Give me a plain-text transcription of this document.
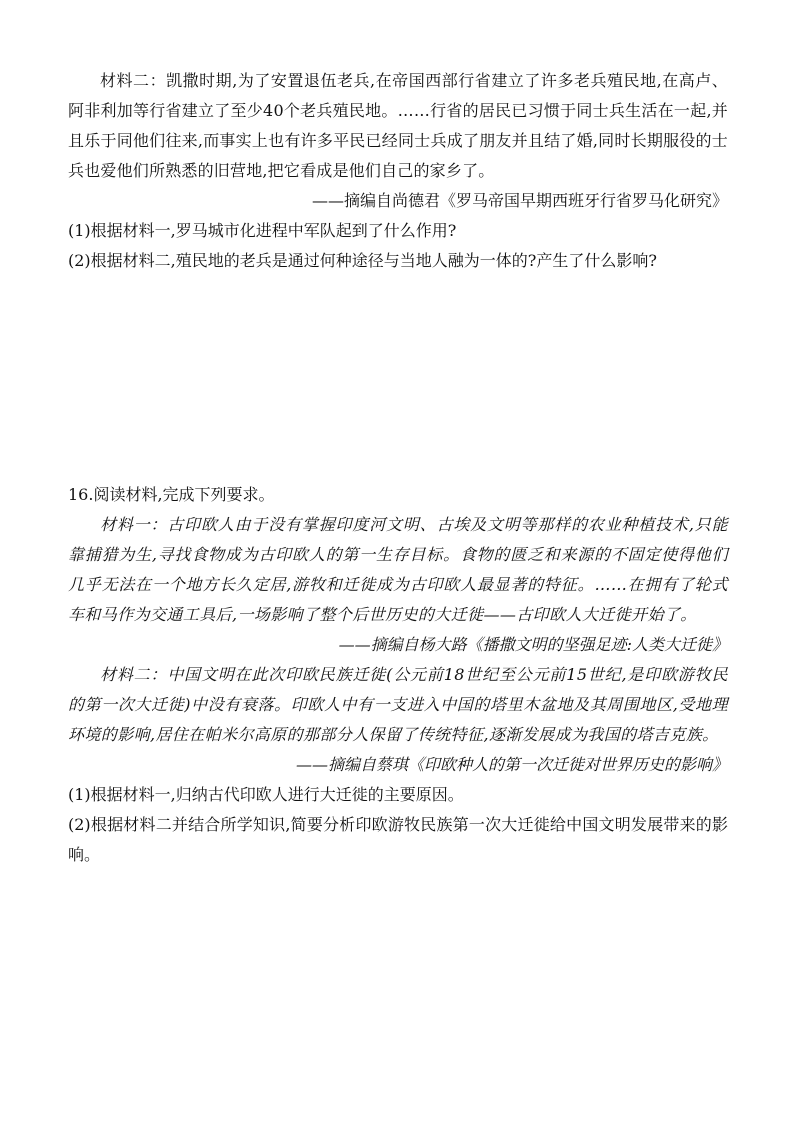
材料二：凯撒时期,为了安置退伍老兵,在帝国西部行省建立了许多老兵殖民地,在高卢、阿非利加等行省建立了至少40个老兵殖民地。……行省的居民已习惯于同士兵生活在一起,并且乐于同他们往来,而事实上也有许多平民已经同士兵成了朋友并且结了婚,同时长期服役的士兵也爱他们所熟悉的旧营地,把它看成是他们自己的家乡了。

——摘编自尚德君《罗马帝国早期西班牙行省罗马化研究》

(1)根据材料一,罗马城市化进程中军队起到了什么作用?

(2)根据材料二,殖民地的老兵是通过何种途径与当地人融为一体的?产生了什么影响?

16.阅读材料,完成下列要求。

材料一：古印欧人由于没有掌握印度河文明、古埃及文明等那样的农业种植技术,只能靠捕猎为生,寻找食物成为古印欧人的第一生存目标。食物的匮乏和来源的不固定使得他们几乎无法在一个地方长久定居,游牧和迁徙成为古印欧人最显著的特征。……在拥有了轮式车和马作为交通工具后,一场影响了整个后世历史的大迁徙——古印欧人大迁徙开始了。

——摘编自杨大路《播撒文明的坚强足迹:人类大迁徙》

材料二：中国文明在此次印欧民族迁徙(公元前18世纪至公元前15世纪,是印欧游牧民的第一次大迁徙)中没有衰落。印欧人中有一支进入中国的塔里木盆地及其周围地区,受地理环境的影响,居住在帕米尔高原的那部分人保留了传统特征,逐渐发展成为我国的塔吉克族。

——摘编自蔡琪《印欧种人的第一次迁徙对世界历史的影响》

(1)根据材料一,归纳古代印欧人进行大迁徙的主要原因。

(2)根据材料二并结合所学知识,简要分析印欧游牧民族第一次大迁徙给中国文明发展带来的影响。
